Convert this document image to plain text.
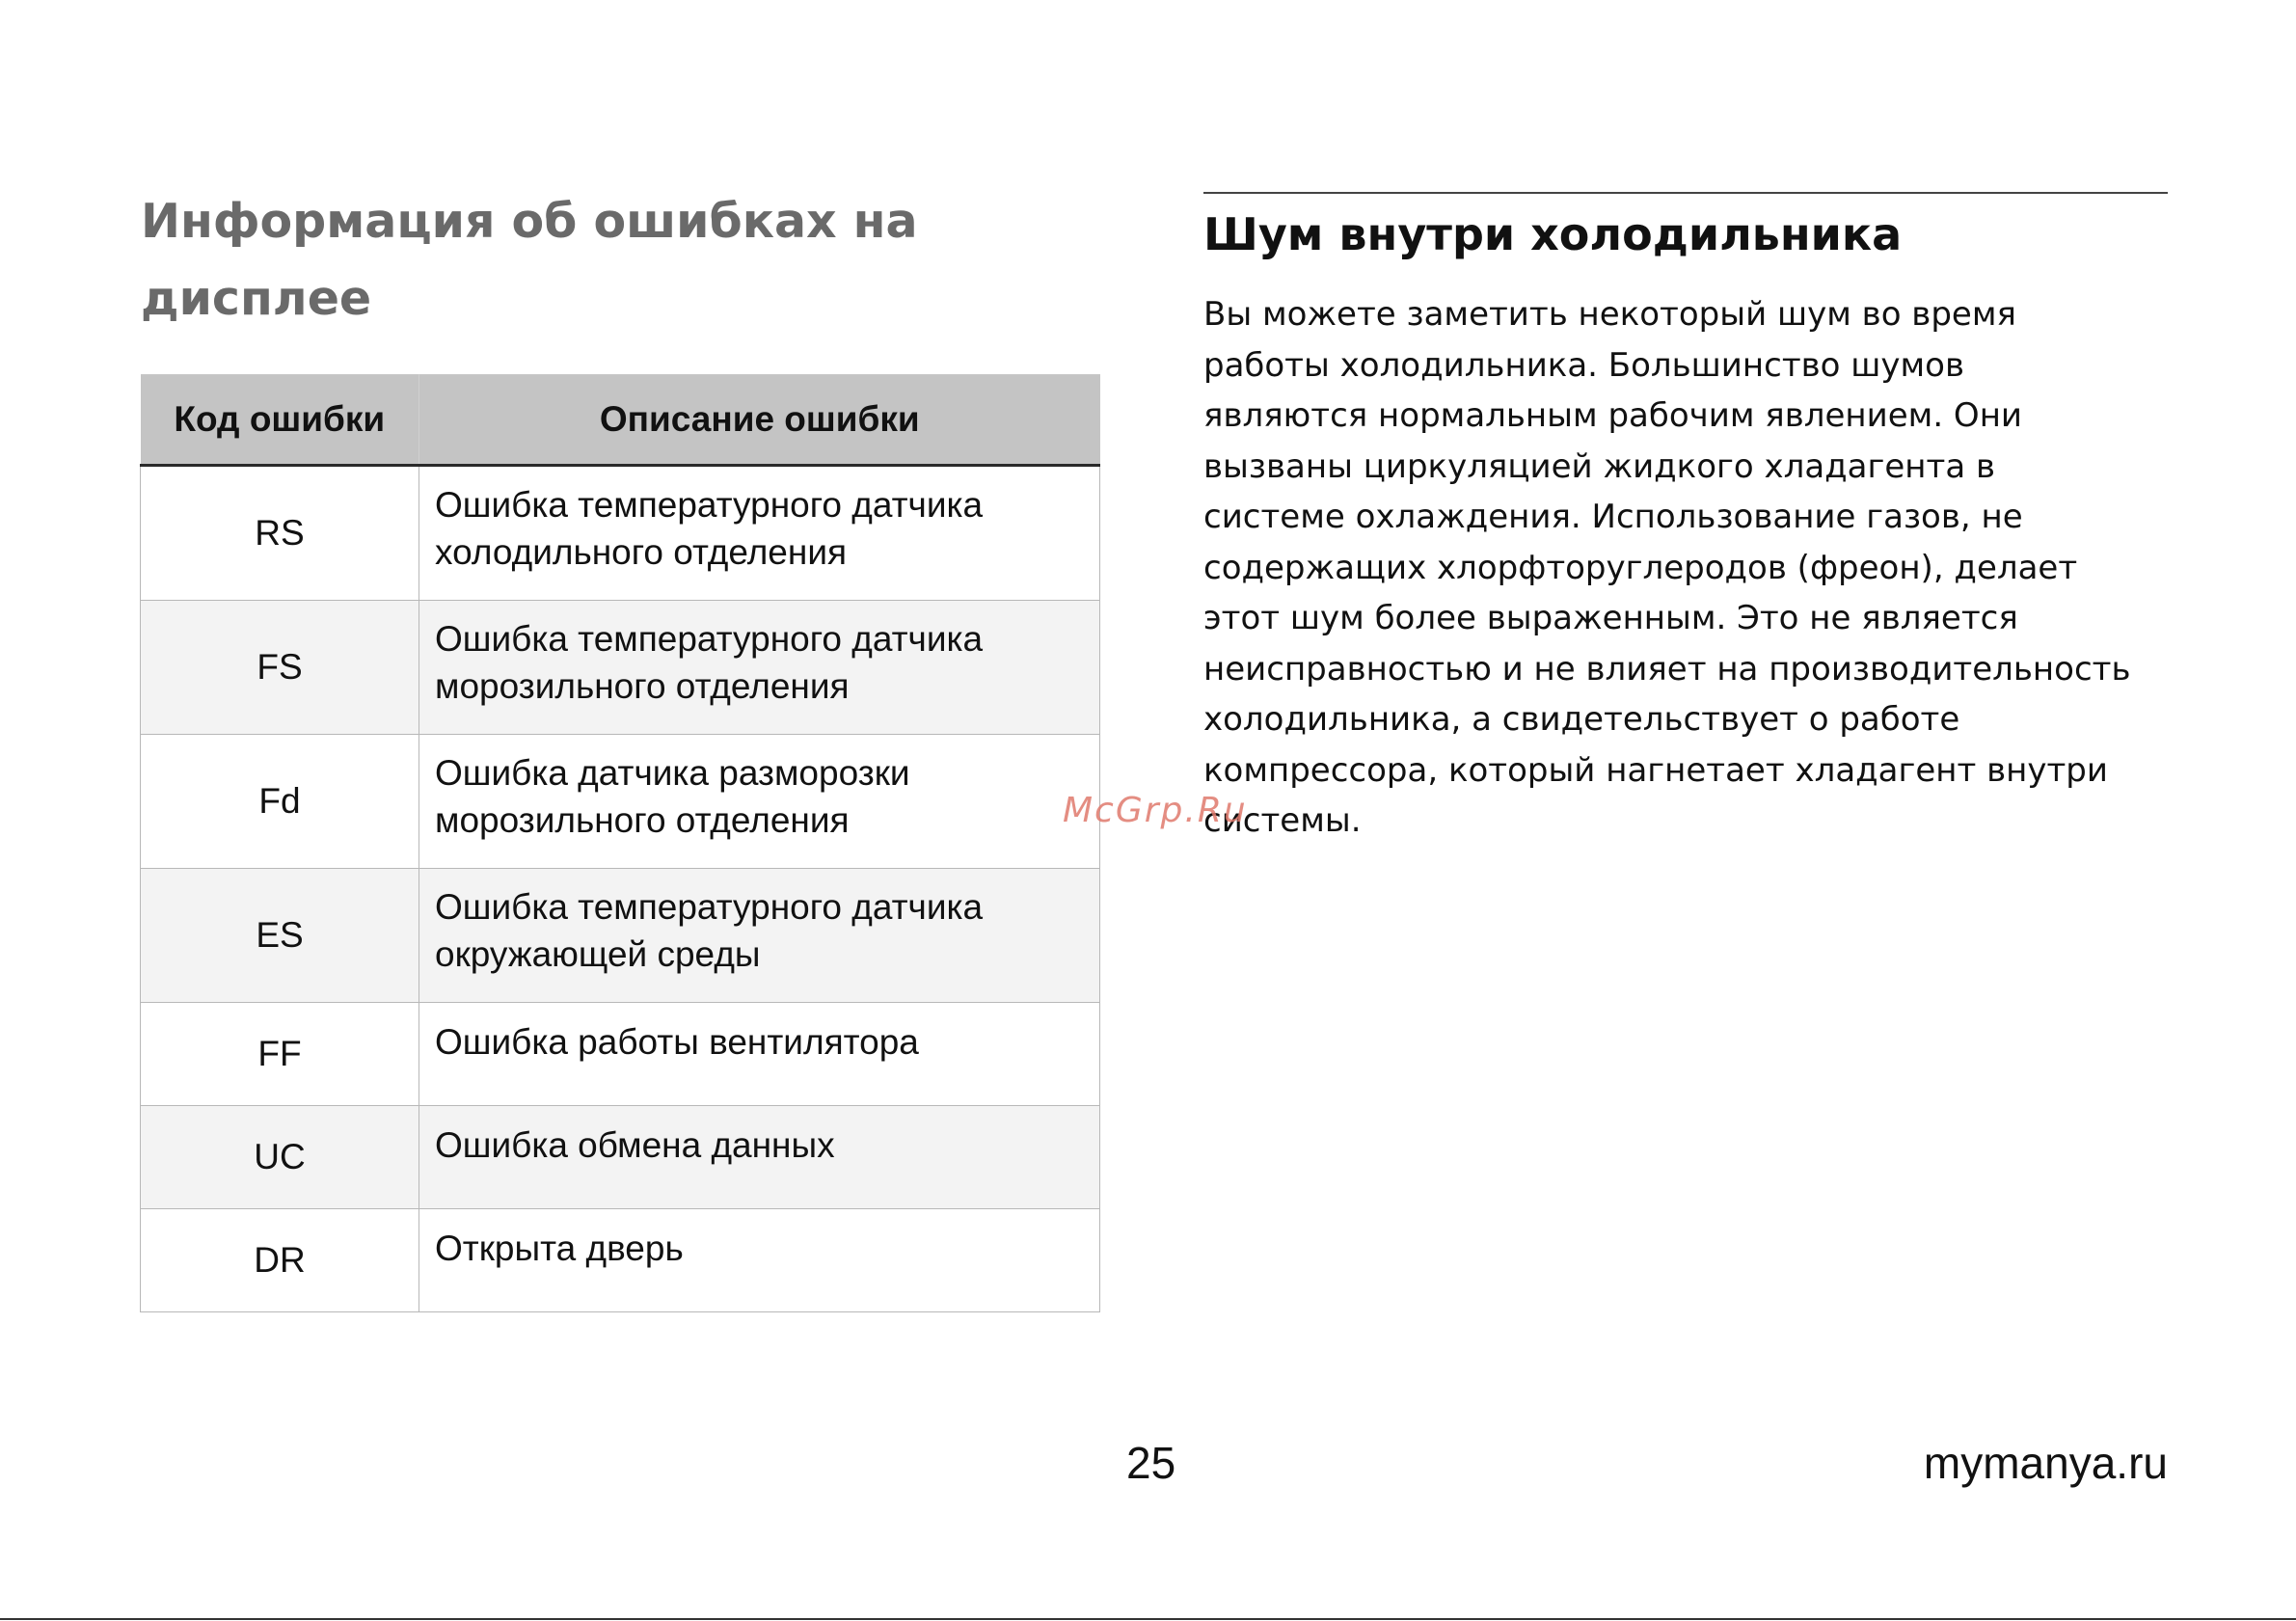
Информация об ошибках на
дисплее
Код ошибки	Описание ошибки
RS	Ошибка температурного датчика
холодильного отделения

FS	Ошибка температурного датчика
морозильного отделения

Fd	Ошибка датчика разморозки
морозильного отделения

ES	Ошибка температурного датчика
окружающей среды

FF	Ошибка работы вентилятора
UC	Ошибка обмена данных
DR	Открыта дверь
Шум внутри холодильника
Вы можете заметить некоторый шум во время
работы холодильника. Большинство шумов
являются нормальным рабочим явлением. Они
вызваны циркуляцией жидкого хладагента в
системе охлаждения. Использование газов, не
содержащих хлорфторуглеродов (фреон), делает
этот шум более выраженным. Это не является
неисправностью и не влияет на производительность
холодильника, а свидетельствует о работе
компрессора, который нагнетает хладагент внутри
системы.
McGrp.Ru
25	mymanya.ru
